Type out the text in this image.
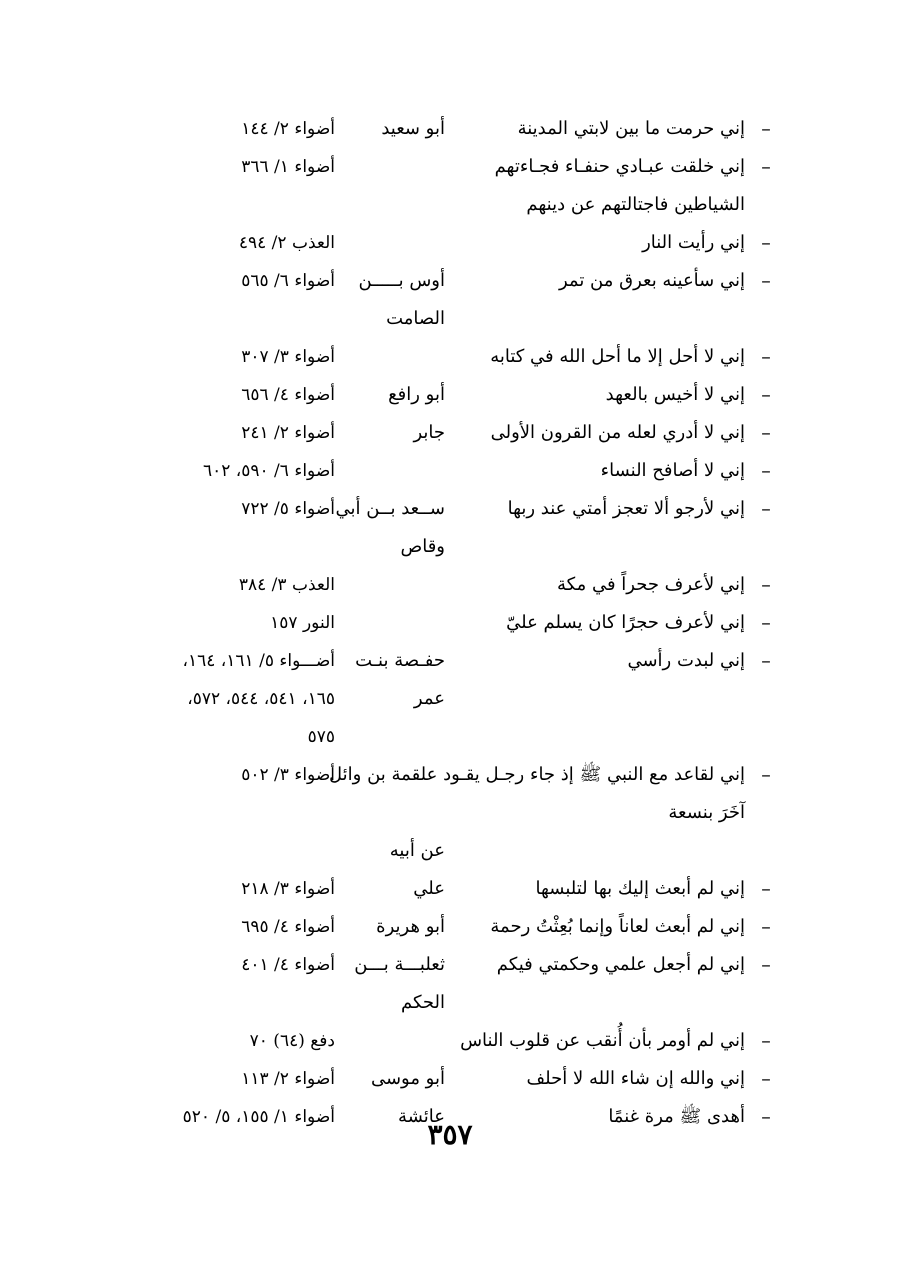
–
إني حرمت ما بين لابتي المدينة
أبو سعيد
أضواء ٢/ ١٤٤
–
إني خلقت عبـادي حنفـاء فجـاءتهم
أضواء ١/ ٣٦٦
الشياطين فاجتالتهم عن دينهم
–
إني رأيت النار
العذب ٢/ ٤٩٤
–
إني سأعينه بعرق من تمر
أوس بـــــن
أضواء ٦/ ٥٦٥
الصامت
–
إني لا أحل إلا ما أحل الله في كتابه
أضواء ٣/ ٣٠٧
–
إني لا أخيس بالعهد
أبو رافع
أضواء ٤/ ٦٥٦
–
إني لا أدري لعله من القرون الأولى
جابر
أضواء ٢/ ٢٤١
–
إني لا أصافح النساء
أضواء ٦/ ٥٩٠، ٦٠٢
–
إني لأرجو ألا تعجز أمتي عند ربها
ســعد بــن أبي
أضواء ٥/ ٧٢٢
وقاص
–
إني لأعرف جحراً في مكة
العذب ٣/ ٣٨٤
–
إني لأعرف حجرًا كان يسلم عليّ
النور ١٥٧
–
إني لبدت رأسي
حفـصة بنـت
أضـــواء ٥/ ١٦١، ١٦٤،
عمر
١٦٥، ٥٤١، ٥٤٤، ٥٧٢،
٥٧٥
–
إني لقاعد مع النبي ﷺ إذ جاء رجـل يقـود علقمة بن وائل
أضواء ٣/ ٥٠٢
آخَرَ بنسعة
عن أبيه
–
إني لم أبعث إليك بها لتلبسها
علي
أضواء ٣/ ٢١٨
–
إني لم أبعث لعاناً وإنما بُعِثْتُ رحمة
أبو هريرة
أضواء ٤/ ٦٩٥
–
إني لم أجعل علمي وحكمتي فيكم
ثعلبـــة بـــن
أضواء ٤/ ٤٠١
الحكم
–
إني لم أومر بأن أُنقب عن قلوب الناس
دفع (٦٤) ٧٠
–
إني والله إن شاء الله لا أحلف
أبو موسى
أضواء ٢/ ١١٣
–
أهدى ﷺ مرة غنمًا
عائشة
أضواء ١/ ١٥٥، ٥/ ٥٢٠
٣٥٧
